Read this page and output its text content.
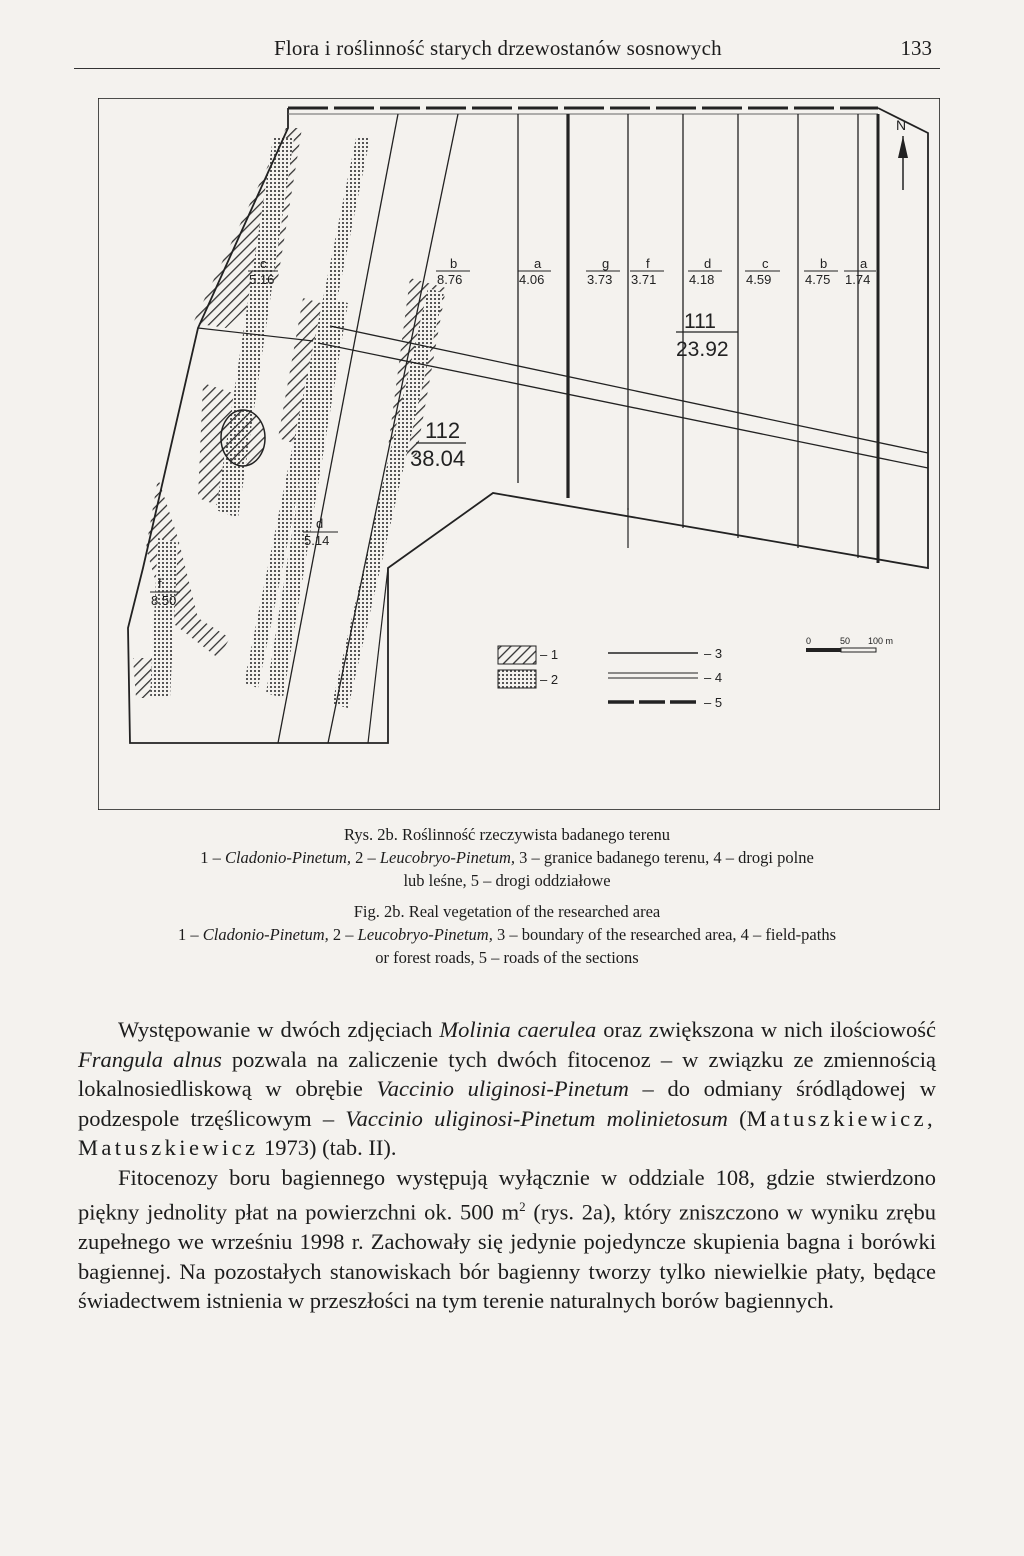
Flora i roślinność starych drzewostanów sosnowych	133
N
c
5.16
b
8.76
a
4.06
g
3.73
f
3.71
d
4.18
c
4.59
b
4.75
a
1.74
d
5.14
f
8.50
111
23.92
112
38.04
0	50 100 m
– 1
– 2
– 3
– 4
– 5
Rys. 2b. Roślinność rzeczywista badanego terenu
1 – Cladonio-Pinetum, 2 – Leucobryo-Pinetum, 3 – granice badanego terenu, 4 – drogi polne
lub leśne, 5 – drogi oddziałowe
Fig. 2b. Real vegetation of the researched area
1 – Cladonio-Pinetum, 2 – Leucobryo-Pinetum, 3 – boundary of the researched area, 4 – field-paths
or forest roads, 5 – roads of the sections

Występowanie w dwóch zdjęciach Molinia caerulea oraz zwiększona w nich ilościowość Frangula alnus pozwala na zaliczenie tych dwóch fitocenoz – w związku ze zmiennością lokalnosiedliskową w obrębie Vaccinio uliginosi-Pinetum – do odmiany śródlądowej w podzespole trzęślicowym – Vaccinio uliginosi-Pinetum molinietosum (Matuszkiewicz, Matuszkiewicz 1973) (tab. II).

Fitocenozy boru bagiennego występują wyłącznie w oddziale 108, gdzie stwierdzono piękny jednolity płat na powierzchni ok. 500 $m^2$ (rys. 2a), który zniszczono w wyniku zrębu zupełnego we wrześniu 1998 r. Zachowały się jedynie pojedyncze skupienia bagna i borówki bagiennej. Na pozostałych stanowiskach bór bagienny tworzy tylko niewielkie płaty, będące świadectwem istnienia w przeszłości na tym terenie naturalnych borów bagiennych.
